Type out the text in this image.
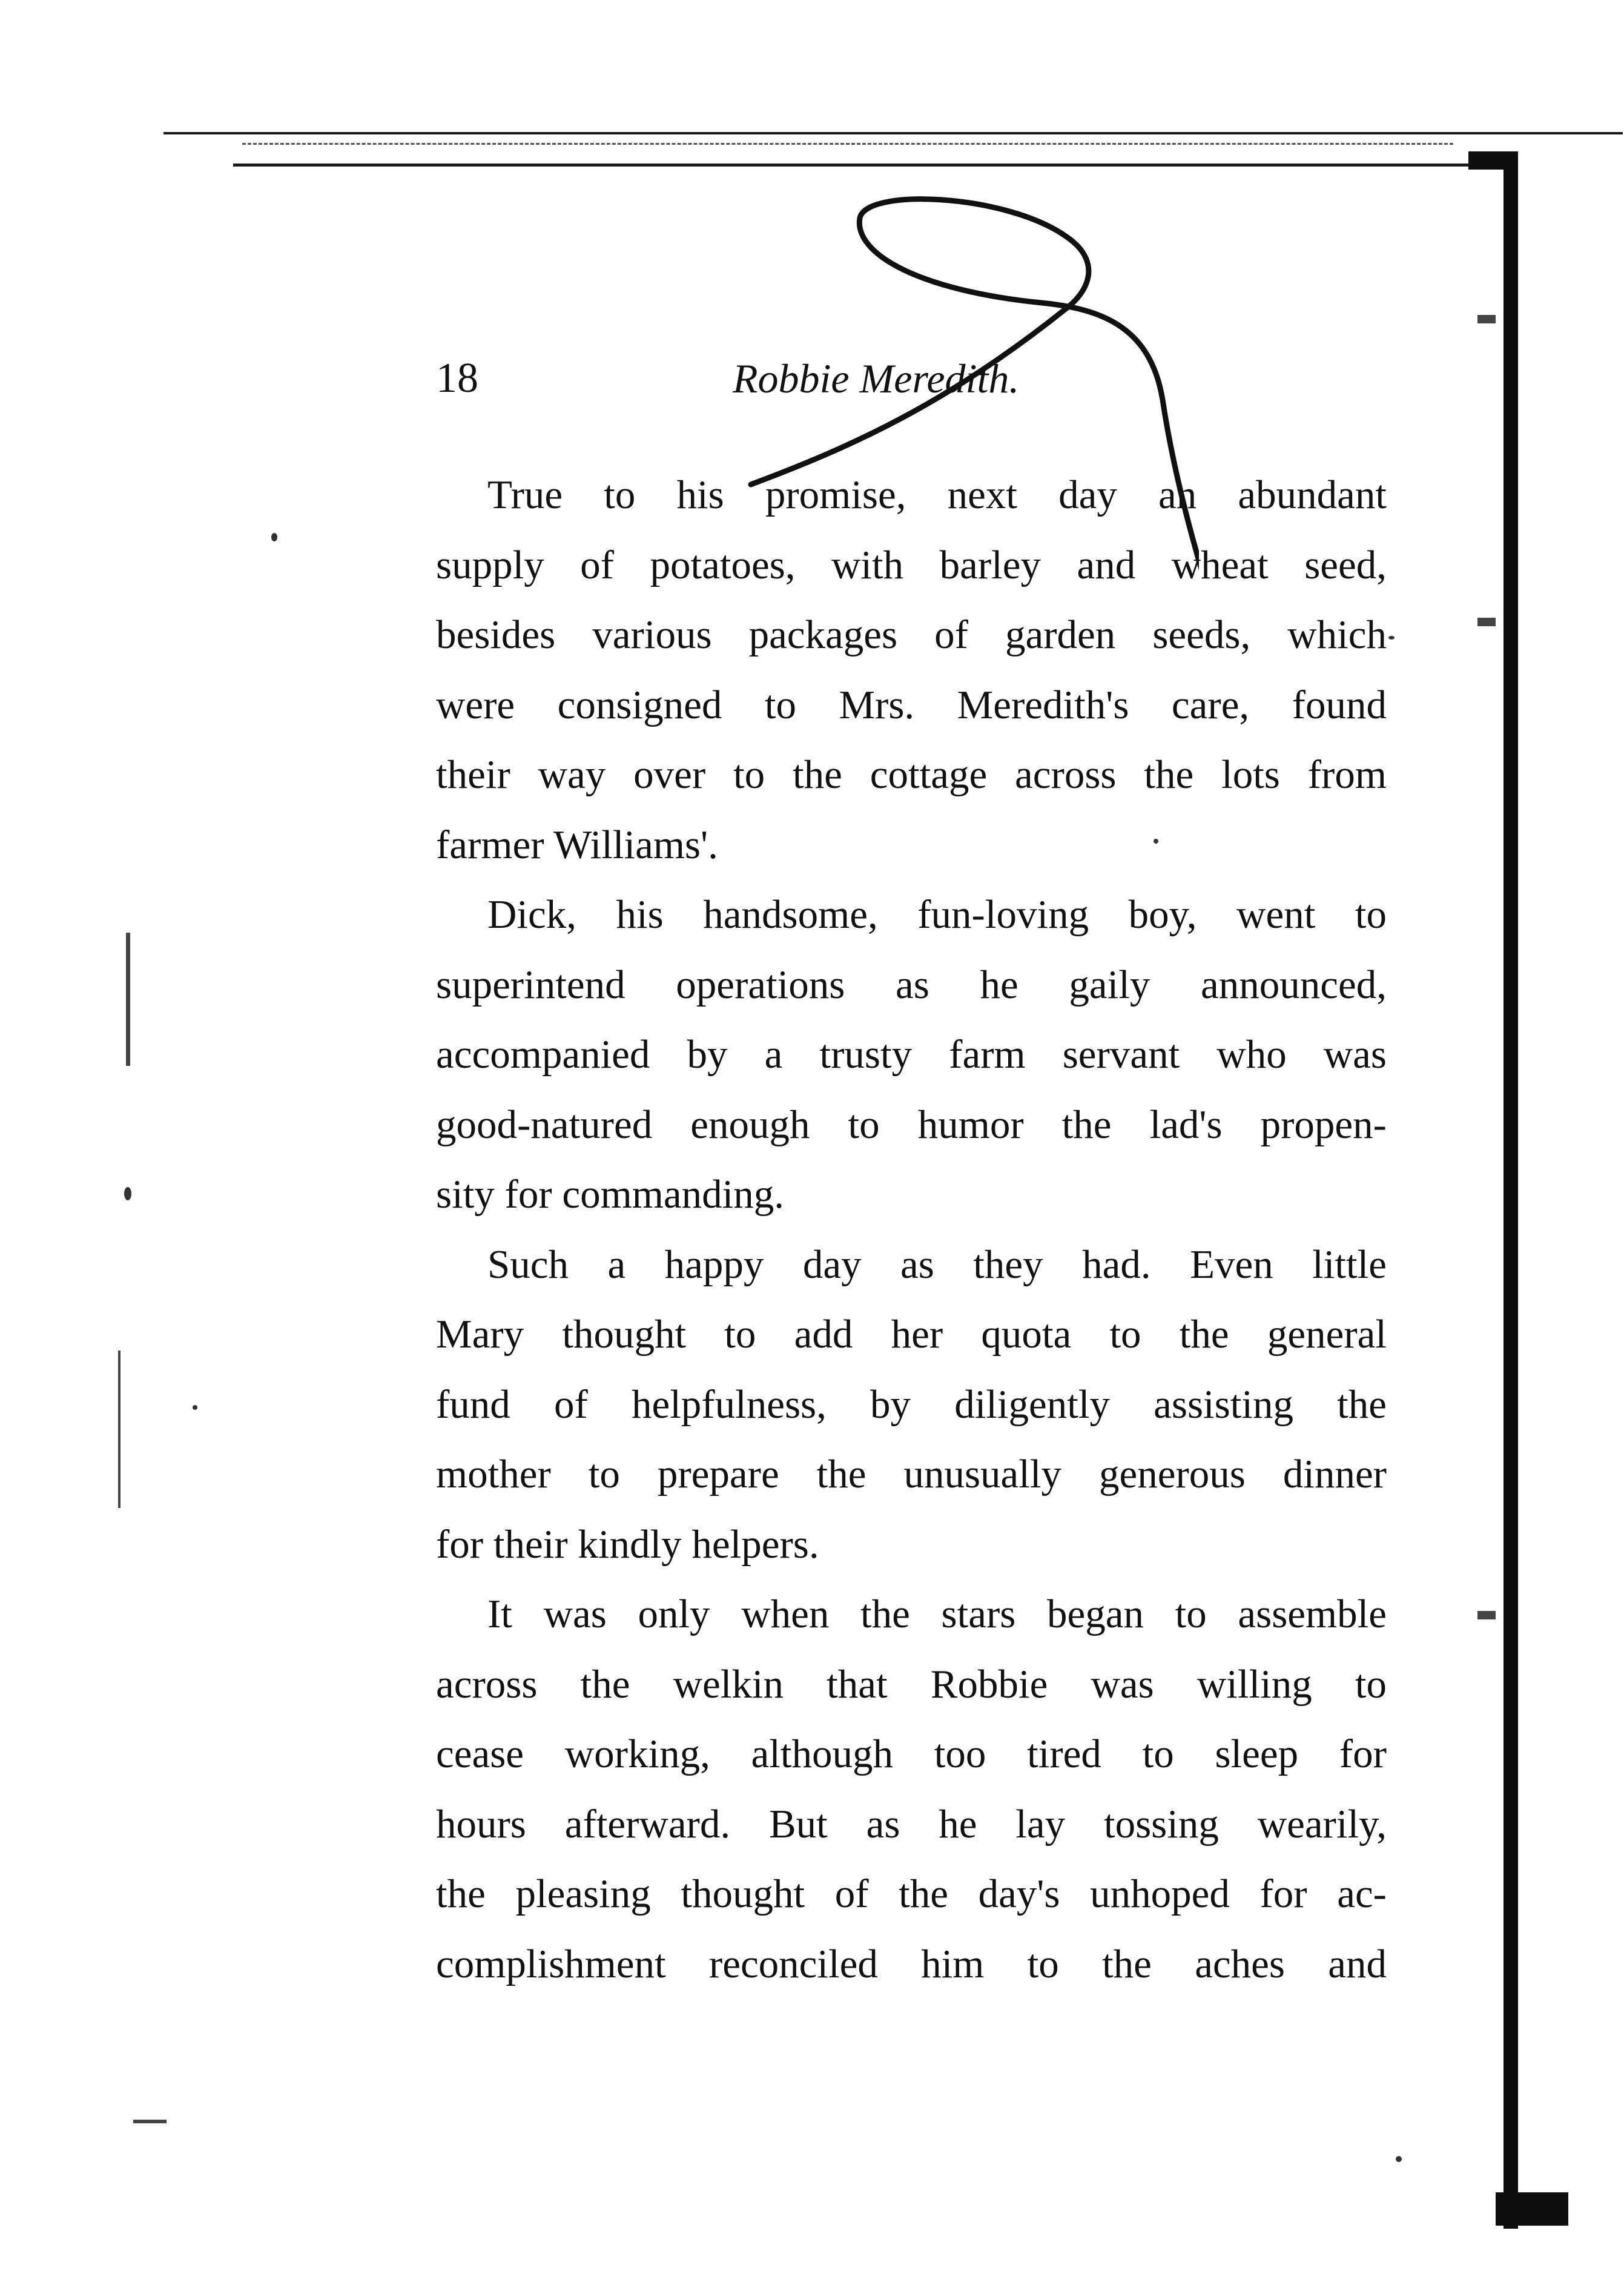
18	Robbie Meredith.
True to his promise, next day an abundant
supply of potatoes, with barley and wheat seed,
besides various packages of garden seeds, which
were consigned to Mrs. Meredith's care, found
their way over to the cottage across the lots from
farmer Williams'.
Dick, his handsome, fun-loving boy, went to
superintend operations as he gaily announced,
accompanied by a trusty farm servant who was
good-natured enough to humor the lad's propen-
sity for commanding.
Such a happy day as they had. Even little
Mary thought to add her quota to the general
fund of helpfulness, by diligently assisting the
mother to prepare the unusually generous dinner
for their kindly helpers.
It was only when the stars began to assemble
across the welkin that Robbie was willing to
cease working, although too tired to sleep for
hours afterward. But as he lay tossing wearily,
the pleasing thought of the day's unhoped for ac-
complishment reconciled him to the aches and
